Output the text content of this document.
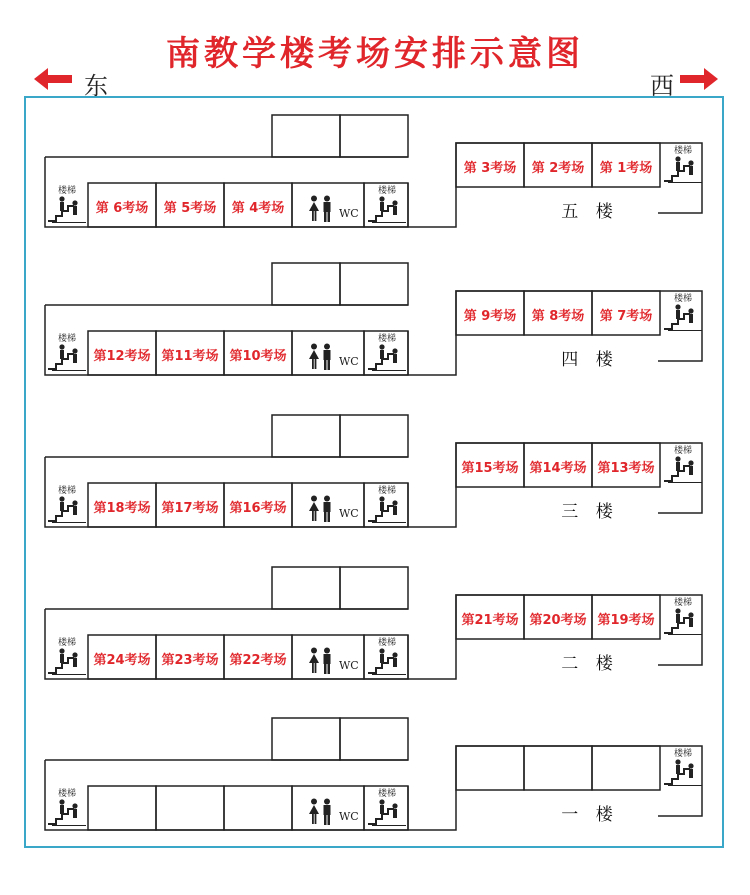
南教学楼考场安排示意图
东	西
楼梯	楼梯
楼梯
WC
第 6考场	第 5考场	第 4考场
第 3考场	第 2考场	第 1考场
五 楼
楼梯	楼梯
楼梯
WC
第12考场 第11考场 第10考场
第 9考场	第 8考场	第 7考场
四 楼
楼梯	楼梯
楼梯
WC
第18考场 第17考场 第16考场
第15考场 第14考场 第13考场
三 楼
楼梯	楼梯
楼梯
WC
第24考场 第23考场 第22考场
第21考场 第20考场 第19考场
二 楼
楼梯	楼梯
楼梯
WC	一 楼
